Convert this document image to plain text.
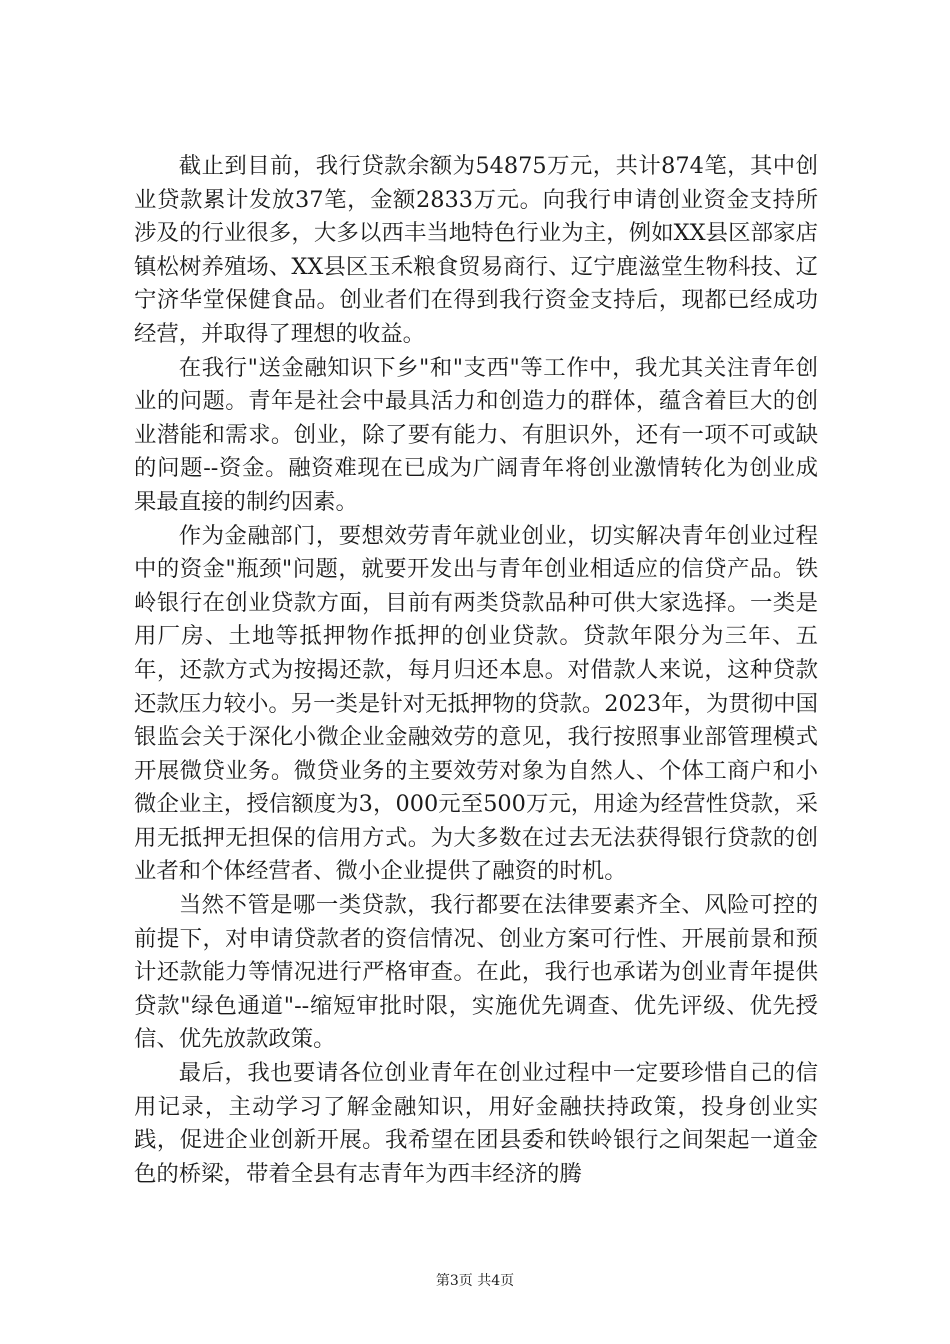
截止到目前，我行贷款余额为54875万元，共计874笔，其中创业贷款累计发放37笔，金额2833万元。向我行申请创业资金支持所涉及的行业很多，大多以西丰当地特色行业为主，例如XX县区部家店镇松树养殖场、XX县区玉禾粮食贸易商行、辽宁鹿滋堂生物科技、辽宁济华堂保健食品。创业者们在得到我行资金支持后，现都已经成功经营，并取得了理想的收益。

在我行"送金融知识下乡"和"支西"等工作中，我尤其关注青年创业的问题。青年是社会中最具活力和创造力的群体，蕴含着巨大的创业潜能和需求。创业，除了要有能力、有胆识外，还有一项不可或缺的问题--资金。融资难现在已成为广阔青年将创业激情转化为创业成果最直接的制约因素。

作为金融部门，要想效劳青年就业创业，切实解决青年创业过程中的资金"瓶颈"问题，就要开发出与青年创业相适应的信贷产品。铁岭银行在创业贷款方面，目前有两类贷款品种可供大家选择。一类是用厂房、土地等抵押物作抵押的创业贷款。贷款年限分为三年、五年，还款方式为按揭还款，每月归还本息。对借款人来说，这种贷款还款压力较小。另一类是针对无抵押物的贷款。2023年，为贯彻中国银监会关于深化小微企业金融效劳的意见，我行按照事业部管理模式开展微贷业务。微贷业务的主要效劳对象为自然人、个体工商户和小微企业主，授信额度为3，000元至500万元，用途为经营性贷款，采用无抵押无担保的信用方式。为大多数在过去无法获得银行贷款的创业者和个体经营者、微小企业提供了融资的时机。

当然不管是哪一类贷款，我行都要在法律要素齐全、风险可控的前提下，对申请贷款者的资信情况、创业方案可行性、开展前景和预计还款能力等情况进行严格审查。在此，我行也承诺为创业青年提供贷款"绿色通道"--缩短审批时限，实施优先调查、优先评级、优先授信、优先放款政策。

最后，我也要请各位创业青年在创业过程中一定要珍惜自己的信用记录，主动学习了解金融知识，用好金融扶持政策，投身创业实践，促进企业创新开展。我希望在团县委和铁岭银行之间架起一道金色的桥梁，带着全县有志青年为西丰经济的腾

第3页 共4页
